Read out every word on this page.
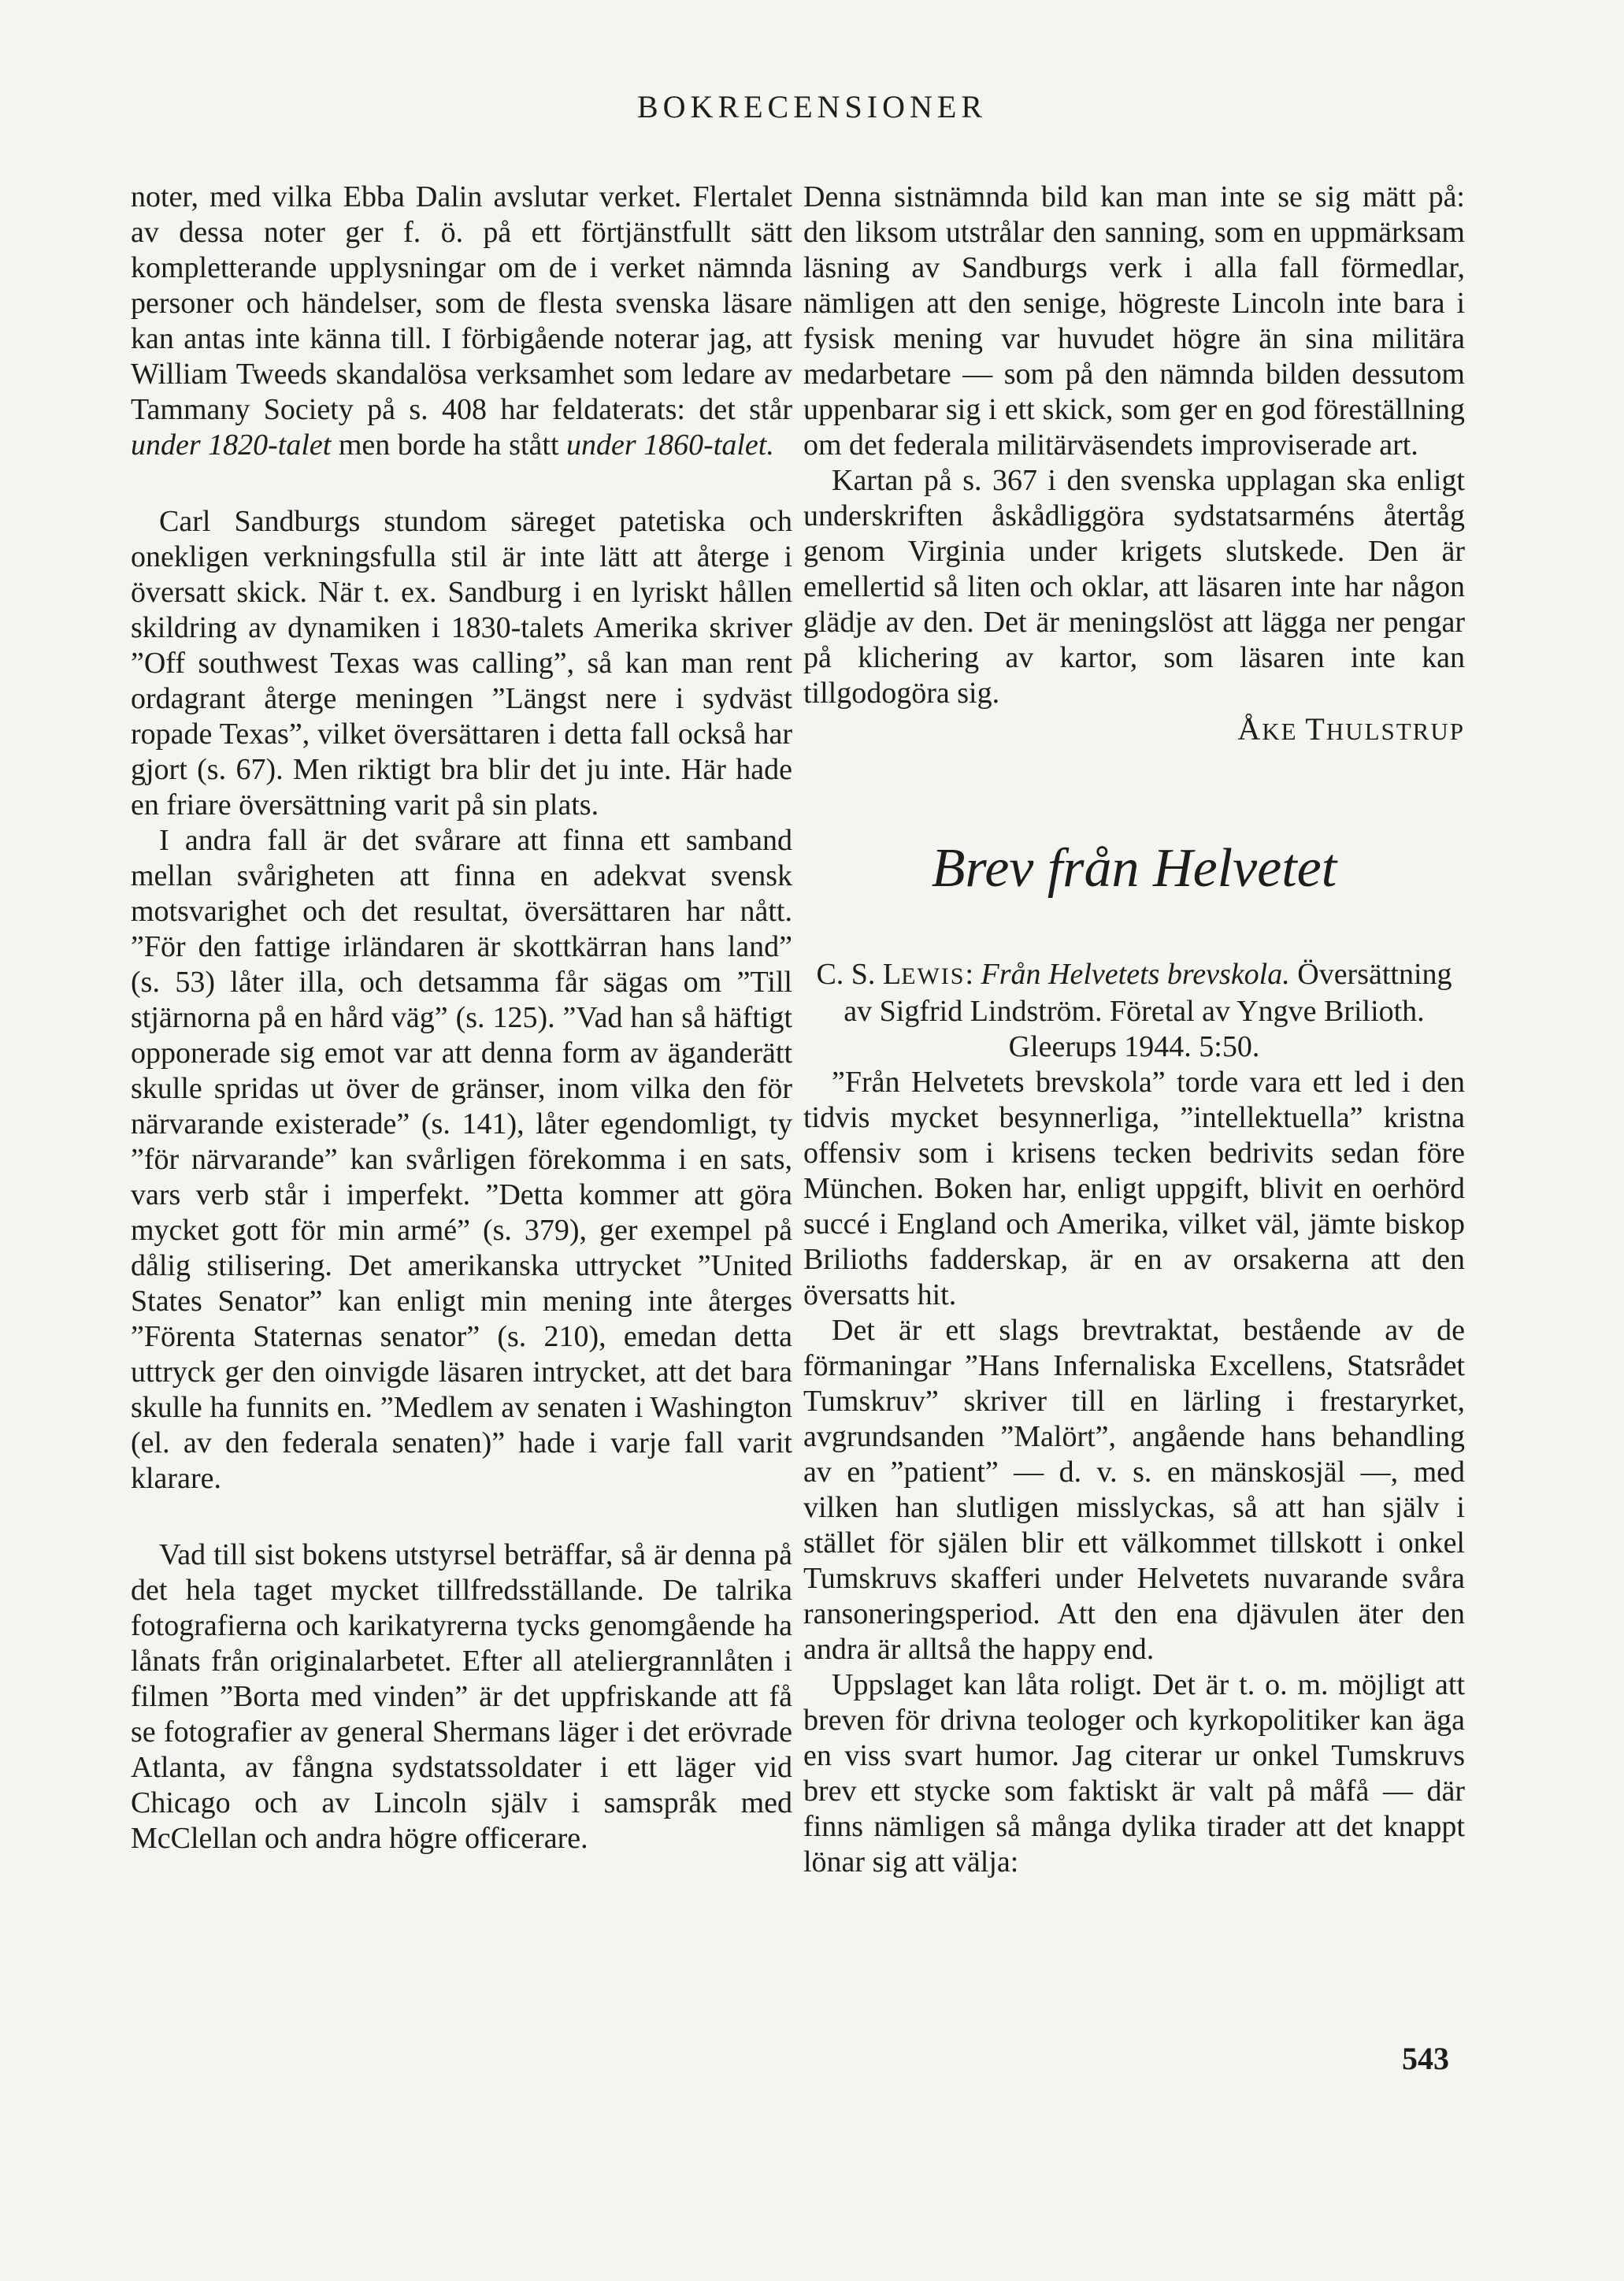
BOKRECENSIONER

noter, med vilka Ebba Dalin avslutar verket. Flertalet av dessa noter ger f. ö. på ett förtjänstfullt sätt kompletterande upplysningar om de i verket nämnda personer och händelser, som de flesta svenska läsare kan antas inte känna till. I förbigående noterar jag, att William Tweeds skandalösa verksamhet som ledare av Tammany Society på s. 408 har feldaterats: det står under 1820-talet men borde ha stått under 1860-talet.

Carl Sandburgs stundom säreget patetiska och onekligen verkningsfulla stil är inte lätt att återge i översatt skick. När t. ex. Sandburg i en lyriskt hållen skildring av dynamiken i 1830-talets Amerika skriver ”Off southwest Texas was calling”, så kan man rent ordagrant återge meningen ”Längst nere i sydväst ropade Texas”, vilket översättaren i detta fall också har gjort (s. 67). Men riktigt bra blir det ju inte. Här hade en friare översättning varit på sin plats.

I andra fall är det svårare att finna ett samband mellan svårigheten att finna en adekvat svensk motsvarighet och det resultat, översättaren har nått. ”För den fattige irländaren är skottkärran hans land” (s. 53) låter illa, och detsamma får sägas om ”Till stjärnorna på en hård väg” (s. 125). ”Vad han så häftigt opponerade sig emot var att denna form av äganderätt skulle spridas ut över de gränser, inom vilka den för närvarande existerade” (s. 141), låter egendomligt, ty ”för närvarande” kan svårligen förekomma i en sats, vars verb står i imperfekt. ”Detta kommer att göra mycket gott för min armé” (s. 379), ger exempel på dålig stilisering. Det amerikanska uttrycket ”United States Senator” kan enligt min mening inte återges ”Förenta Staternas senator” (s. 210), emedan detta uttryck ger den oinvigde läsaren intrycket, att det bara skulle ha funnits en. ”Medlem av senaten i Washington (el. av den federala senaten)” hade i varje fall varit klarare.

Vad till sist bokens utstyrsel beträffar, så är denna på det hela taget mycket tillfredsställande. De talrika fotografierna och karikatyrerna tycks genomgående ha lånats från originalarbetet. Efter all ateliergrannlåten i filmen ”Borta med vinden” är det uppfriskande att få se fotografier av general Shermans läger i det erövrade Atlanta, av fångna sydstatssoldater i ett läger vid Chicago och av Lincoln själv i samspråk med McClellan och andra högre officerare.

Denna sistnämnda bild kan man inte se sig mätt på: den liksom utstrålar den sanning, som en uppmärksam läsning av Sandburgs verk i alla fall förmedlar, nämligen att den senige, högreste Lincoln inte bara i fysisk mening var huvudet högre än sina militära medarbetare — som på den nämnda bilden dessutom uppenbarar sig i ett skick, som ger en god föreställning om det federala militärväsendets improviserade art.

Kartan på s. 367 i den svenska upplagan ska enligt underskriften åskådliggöra sydstatsarméns återtåg genom Virginia under krigets slutskede. Den är emellertid så liten och oklar, att läsaren inte har någon glädje av den. Det är meningslöst att lägga ner pengar på klichering av kartor, som läsaren inte kan tillgodogöra sig.

ÅKE THULSTRUP

Brev från Helvetet

C. S. LEWIS: Från Helvetets brevskola. Översättning av Sigfrid Lindström. Företal av Yngve Brilioth. Gleerups 1944. 5:50.

”Från Helvetets brevskola” torde vara ett led i den tidvis mycket besynnerliga, ”intellektuella” kristna offensiv som i krisens tecken bedrivits sedan före München. Boken har, enligt uppgift, blivit en oerhörd succé i England och Amerika, vilket väl, jämte biskop Brilioths fadderskap, är en av orsakerna att den översatts hit.

Det är ett slags brevtraktat, bestående av de förmaningar ”Hans Infernaliska Excellens, Statsrådet Tumskruv” skriver till en lärling i frestaryrket, avgrundsanden ”Malört”, angående hans behandling av en ”patient” — d. v. s. en mänskosjäl —, med vilken han slutligen misslyckas, så att han själv i stället för själen blir ett välkommet tillskott i onkel Tumskruvs skafferi under Helvetets nuvarande svåra ransoneringsperiod. Att den ena djävulen äter den andra är alltså the happy end.

Uppslaget kan låta roligt. Det är t. o. m. möjligt att breven för drivna teologer och kyrkopolitiker kan äga en viss svart humor. Jag citerar ur onkel Tumskruvs brev ett stycke som faktiskt är valt på måfå — där finns nämligen så många dylika tirader att det knappt lönar sig att välja:

543
